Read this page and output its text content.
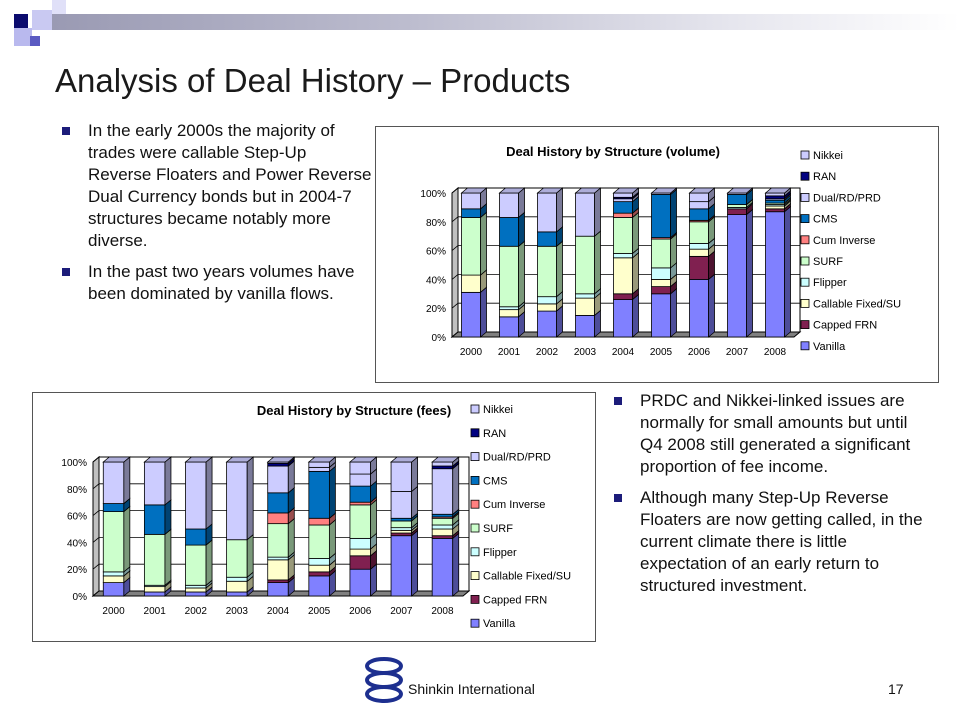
Analysis of Deal History – Products
In the early 2000s the majority of trades were callable Step-Up Reverse Floaters and Power Reverse Dual Currency bonds but in 2004-7 structures became notably more diverse.
In the past two years volumes have been dominated by vanilla flows.
PRDC and Nikkei-linked issues are normally for small amounts but until Q4 2008 still generated a significant proportion of fee income.
Although many Step-Up Reverse Floaters are now getting called, in the current climate there is little expectation of an early return to structured investment.
Deal History by Structure (volume)
0%
20%
40%
60%
80%
100%
2000 2001 2002 2003 2004 2005 2006 2007 2008
Nikkei
RAN
Dual/RD/PRD
CMS
Cum Inverse
SURF
Flipper
Callable Fixed/SU
Capped FRN
Vanilla
Deal History by Structure (fees)
0%
20%
40%
60%
80%
100%
2000 2001 2002 2003 2004 2005 2006 2007 2008
Nikkei
RAN
Dual/RD/PRD
CMS
Cum Inverse
SURF
Flipper
Callable Fixed/SU
Capped FRN
Vanilla
Shinkin International	17
